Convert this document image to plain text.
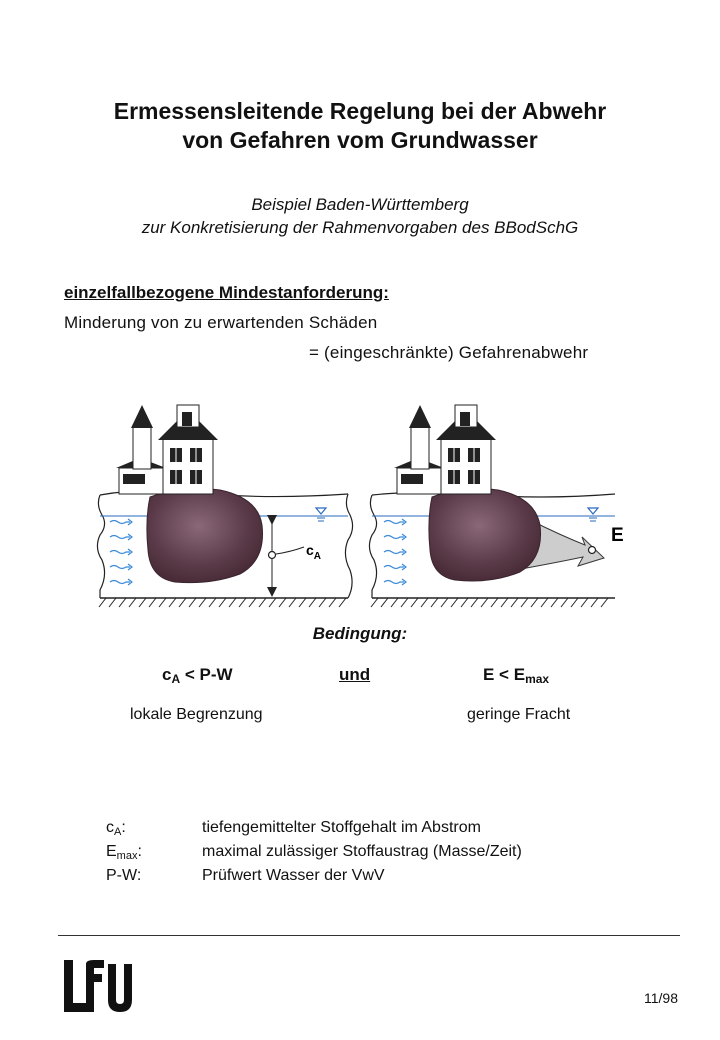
Ermessensleitende Regelung bei der Abwehr
von Gefahren vom Grundwasser
Beispiel Baden-Württemberg
zur Konkretisierung der Rahmenvorgaben des BBodSchG
einzelfallbezogene Mindestanforderung:
Minderung von zu erwartenden Schäden
= (eingeschränkte) Gefahrenabwehr
$c_A$
E
Bedingung:
$c_A < P-W$	und	$E < E_{max}$
lokale Begrenzung	geringe Fracht
$c_A$:	tiefengemittelter Stoffgehalt im Abstrom
$E_{max}$:	maximal zulässiger Stoffaustrag (Masse/Zeit)
P-W:	Prüfwert Wasser der VwV
11/98
